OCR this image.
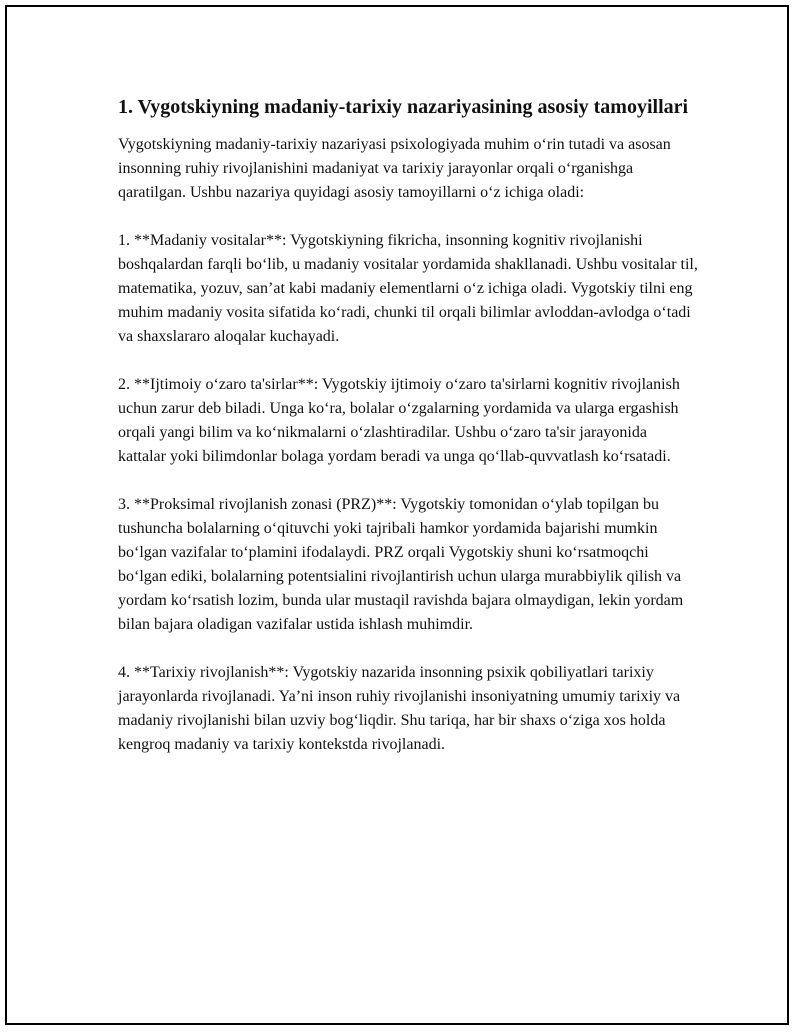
1. Vygotskiyning madaniy-tarixiy nazariyasining asosiy tamoyillari

Vygotskiyning madaniy-tarixiy nazariyasi psixologiyada muhim o‘rin tutadi va asosan insonning ruhiy rivojlanishini madaniyat va tarixiy jarayonlar orqali o‘rganishga qaratilgan. Ushbu nazariya quyidagi asosiy tamoyillarni o‘z ichiga oladi:

1. **Madaniy vositalar**: Vygotskiyning fikricha, insonning kognitiv rivojlanishi boshqalardan farqli bo‘lib, u madaniy vositalar yordamida shakllanadi. Ushbu vositalar til, matematika, yozuv, san’at kabi madaniy elementlarni o‘z ichiga oladi. Vygotskiy tilni eng muhim madaniy vosita sifatida ko‘radi, chunki til orqali bilimlar avloddan-avlodga o‘tadi va shaxslararo aloqalar kuchayadi.

2. **Ijtimoiy o‘zaro ta'sirlar**: Vygotskiy ijtimoiy o‘zaro ta'sirlarni kognitiv rivojlanish uchun zarur deb biladi. Unga ko‘ra, bolalar o‘zgalarning yordamida va ularga ergashish orqali yangi bilim va ko‘nikmalarni o‘zlashtiradilar. Ushbu o‘zaro ta'sir jarayonida kattalar yoki bilimdonlar bolaga yordam beradi va unga qo‘llab-quvvatlash ko‘rsatadi.

3. **Proksimal rivojlanish zonasi (PRZ)**: Vygotskiy tomonidan o‘ylab topilgan bu tushuncha bolalarning o‘qituvchi yoki tajribali hamkor yordamida bajarishi mumkin bo‘lgan vazifalar to‘plamini ifodalaydi. PRZ orqali Vygotskiy shuni ko‘rsatmoqchi bo‘lgan ediki, bolalarning potentsialini rivojlantirish uchun ularga murabbiylik qilish va yordam ko‘rsatish lozim, bunda ular mustaqil ravishda bajara olmaydigan, lekin yordam bilan bajara oladigan vazifalar ustida ishlash muhimdir.

4. **Tarixiy rivojlanish**: Vygotskiy nazarida insonning psixik qobiliyatlari tarixiy jarayonlarda rivojlanadi. Ya’ni inson ruhiy rivojlanishi insoniyatning umumiy tarixiy va madaniy rivojlanishi bilan uzviy bog‘liqdir. Shu tariqa, har bir shaxs o‘ziga xos holda kengroq madaniy va tarixiy kontekstda rivojlanadi.
